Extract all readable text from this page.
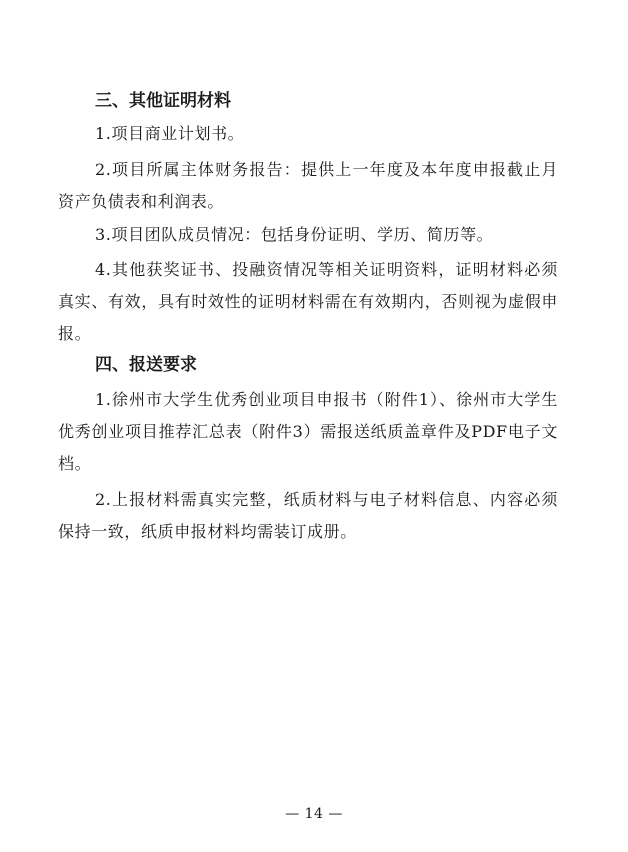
三、其他证明材料

1.项目商业计划书。

2.项目所属主体财务报告：提供上一年度及本年度申报截止月资产负债表和利润表。

3.项目团队成员情况：包括身份证明、学历、简历等。

4.其他获奖证书、投融资情况等相关证明资料，证明材料必须真实、有效，具有时效性的证明材料需在有效期内，否则视为虚假申报。

四、报送要求

1.徐州市大学生优秀创业项目申报书（附件1）、徐州市大学生优秀创业项目推荐汇总表（附件3）需报送纸质盖章件及PDF电子文档。

2.上报材料需真实完整，纸质材料与电子材料信息、内容必须保持一致，纸质申报材料均需装订成册。

— 14 —
